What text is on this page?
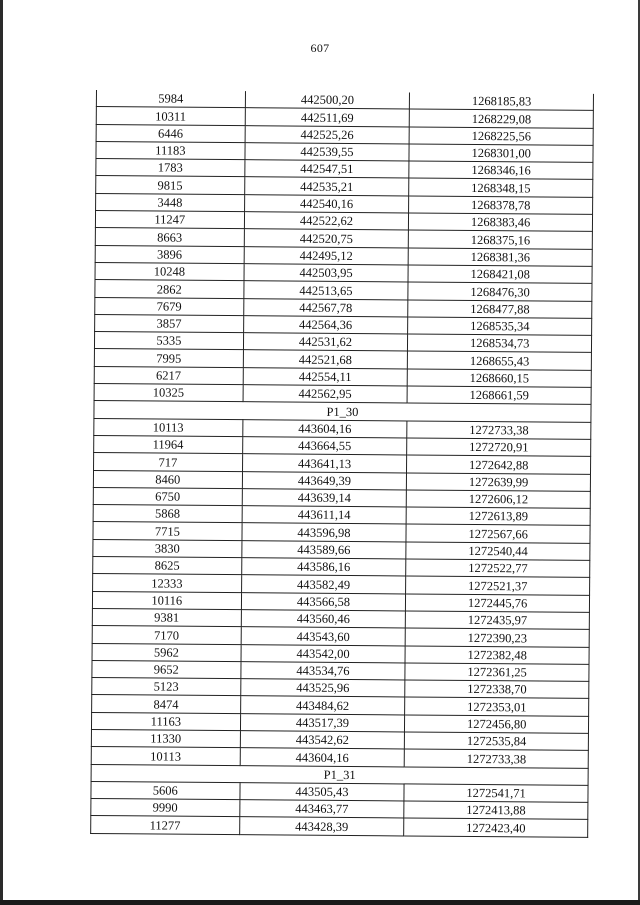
607
5984	442500,20	1268185,83
10311	442511,69	1268229,08
6446	442525,26	1268225,56
11183	442539,55	1268301,00
1783	442547,51	1268346,16
9815	442535,21	1268348,15
3448	442540,16	1268378,78
11247	442522,62	1268383,46
8663	442520,75	1268375,16
3896	442495,12	1268381,36
10248	442503,95	1268421,08
2862	442513,65	1268476,30
7679	442567,78	1268477,88
3857	442564,36	1268535,34
5335	442531,62	1268534,73
7995	442521,68	1268655,43
6217	442554,11	1268660,15
10325	442562,95	1268661,59
P1_30		
10113	443604,16	1272733,38
11964	443664,55	1272720,91
717	443641,13	1272642,88
8460	443649,39	1272639,99
6750	443639,14	1272606,12
5868	443611,14	1272613,89
7715	443596,98	1272567,66
3830	443589,66	1272540,44
8625	443586,16	1272522,77
12333	443582,49	1272521,37
10116	443566,58	1272445,76
9381	443560,46	1272435,97
7170	443543,60	1272390,23
5962	443542,00	1272382,48
9652	443534,76	1272361,25
5123	443525,96	1272338,70
8474	443484,62	1272353,01
11163	443517,39	1272456,80
11330	443542,62	1272535,84
10113	443604,16	1272733,38
P1_31		
5606	443505,43	1272541,71
9990	443463,77	1272413,88
11277	443428,39	1272423,40
